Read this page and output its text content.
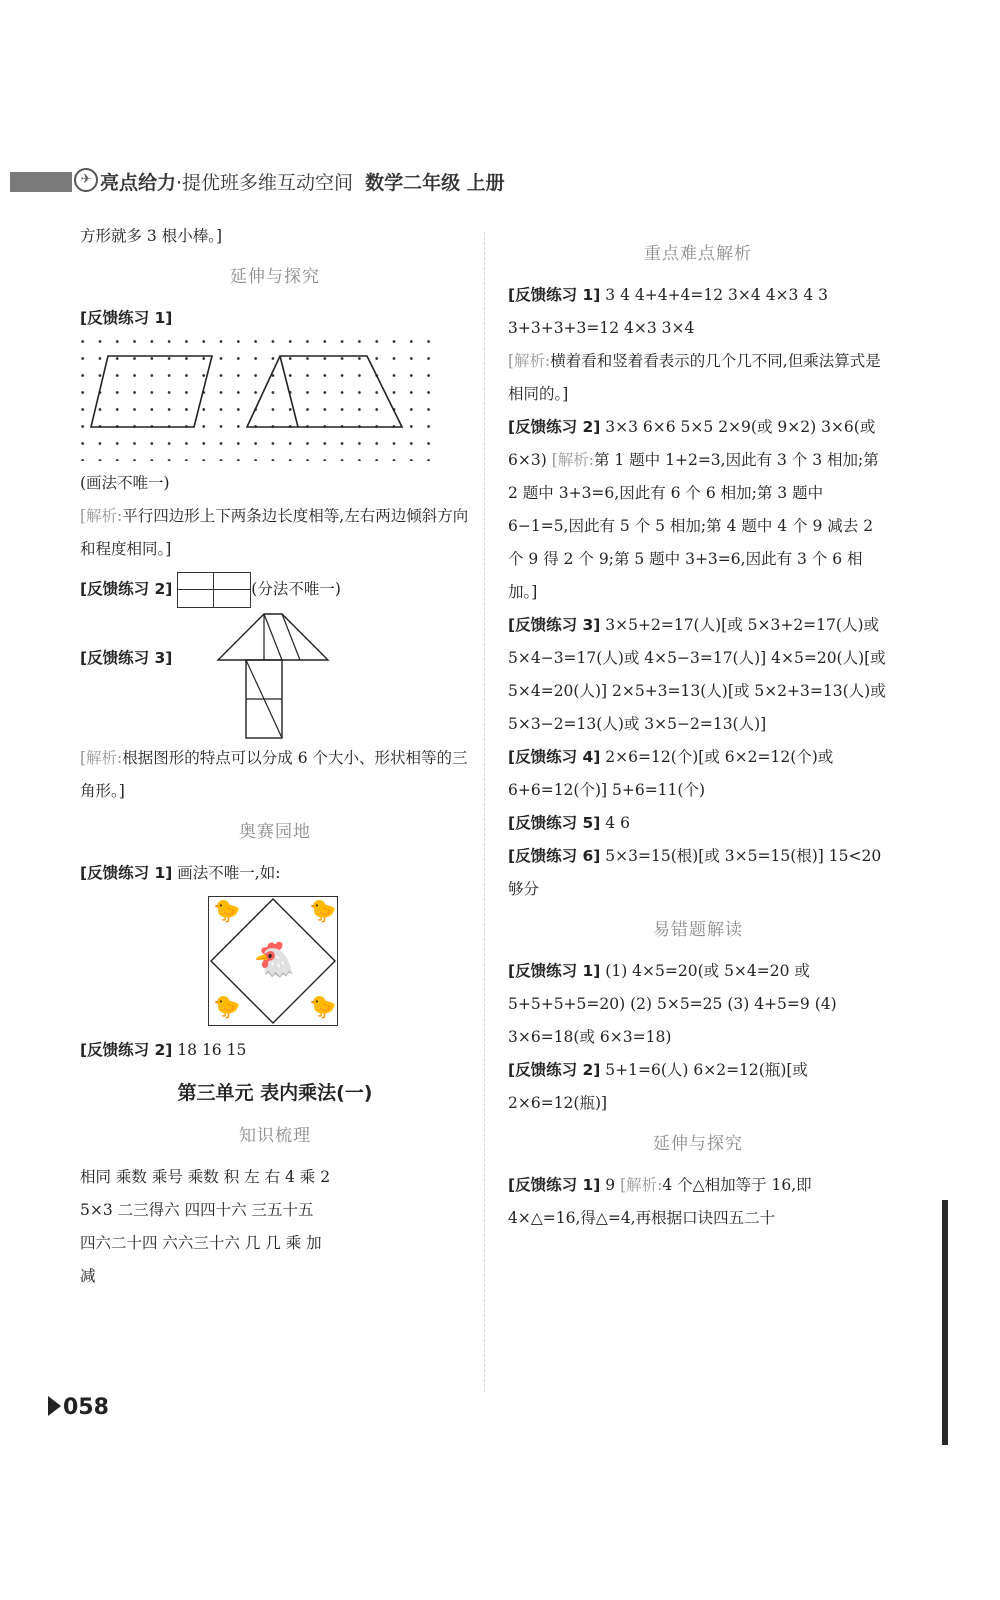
✈ 亮点给力·提优班多维互动空间 数学二年级 上册

方形就多 3 根小棒。]

延伸与探究

[反馈练习 1]

(画法不唯一)

[解析:平行四边形上下两条边长度相等,左右两边倾斜方向和程度相同。]

[反馈练习 2]	(分法不唯一)

[反馈练习 3]

[解析:根据图形的特点可以分成 6 个大小、形状相等的三角形。]

奥赛园地

[反馈练习 1] 画法不唯一,如:

🐤	🐤
🐤	🐤
🐔

[反馈练习 2] 18 16 15

第三单元 表内乘法(一)
知识梳理

相同 乘数 乘号 乘数 积 左 右 4 乘 2

5×3 二三得六 四四十六 三五十五

四六二十四 六六三十六 几 几 乘 加

减

重点难点解析

[反馈练习 1] 3 4 4+4+4=12 3×4 4×3 4 3 3+3+3+3=12 4×3 3×4

[解析:横着看和竖着看表示的几个几不同,但乘法算式是相同的。]

[反馈练习 2] 3×3 6×6 5×5 2×9(或 9×2) 3×6(或 6×3) [解析:第 1 题中 1+2=3,因此有 3 个 3 相加;第 2 题中 3+3=6,因此有 6 个 6 相加;第 3 题中 6−1=5,因此有 5 个 5 相加;第 4 题中 4 个 9 减去 2 个 9 得 2 个 9;第 5 题中 3+3=6,因此有 3 个 6 相加。]

[反馈练习 3] 3×5+2=17(人)[或 5×3+2=17(人)或 5×4−3=17(人)或 4×5−3=17(人)] 4×5=20(人)[或 5×4=20(人)] 2×5+3=13(人)[或 5×2+3=13(人)或 5×3−2=13(人)或 3×5−2=13(人)]

[反馈练习 4] 2×6=12(个)[或 6×2=12(个)或 6+6=12(个)] 5+6=11(个)

[反馈练习 5] 4 6

[反馈练习 6] 5×3=15(根)[或 3×5=15(根)] 15<20 够分

易错题解读

[反馈练习 1] (1) 4×5=20(或 5×4=20 或 5+5+5+5=20) (2) 5×5=25 (3) 4+5=9 (4) 3×6=18(或 6×3=18)

[反馈练习 2] 5+1=6(人) 6×2=12(瓶)[或 2×6=12(瓶)]

延伸与探究

[反馈练习 1] 9 [解析:4 个△相加等于 16,即 4×△=16,得△=4,再根据口诀四五二十

058
